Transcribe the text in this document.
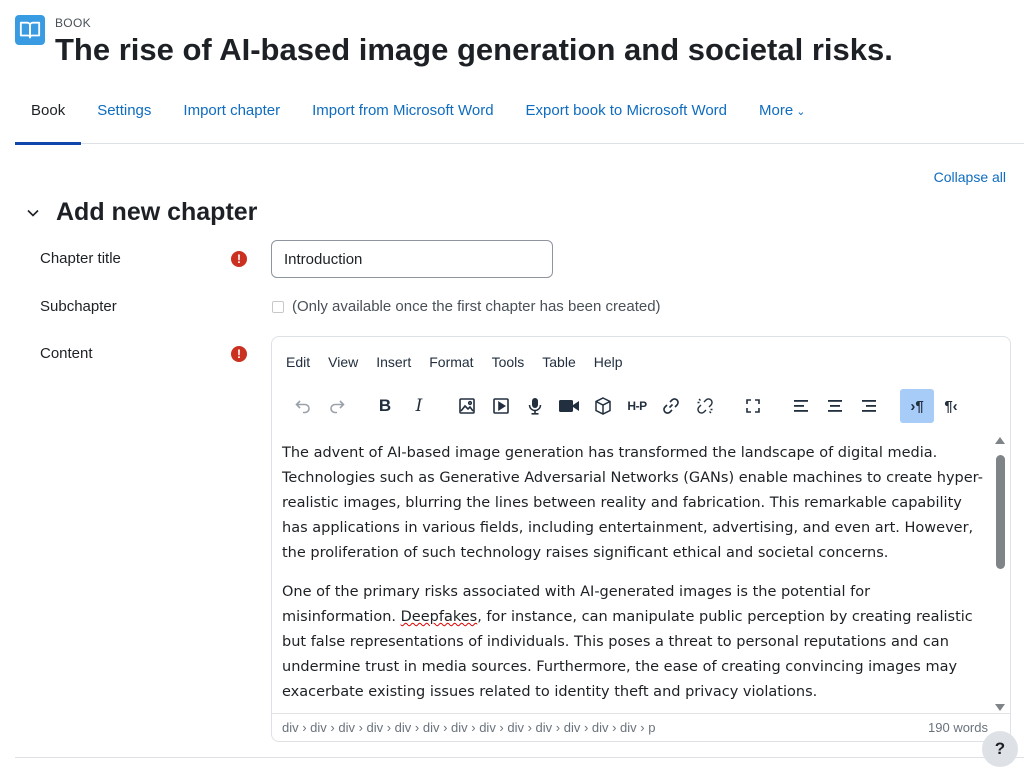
BOOK
The rise of AI-based image generation and societal risks.
Book	Settings	Import chapter	Import from Microsoft Word	Export book to Microsoft Word	More ⌄
Collapse all
Add new chapter
Chapter title	!
Introduction
Subchapter	(Only available once the first chapter has been created)
Content	!	Edit View Insert Format Tools Table Help
B I	H-P	›¶ ¶‹

The advent of AI-based image generation has transformed the landscape of digital media. Technologies such as Generative Adversarial Networks (GANs) enable machines to create hyper-realistic images, blurring the lines between reality and fabrication. This remarkable capability has applications in various fields, including entertainment, advertising, and even art. However, the proliferation of such technology raises significant ethical and societal concerns.

One of the primary risks associated with AI-generated images is the potential for misinformation. Deepfakes, for instance, can manipulate public perception by creating realistic but false representations of individuals. This poses a threat to personal reputations and can undermine trust in media sources. Furthermore, the ease of creating convincing images may exacerbate existing issues related to identity theft and privacy violations.

div › div › div › div › div › div › div › div › div › div › div › div › div › p	190 words
?
